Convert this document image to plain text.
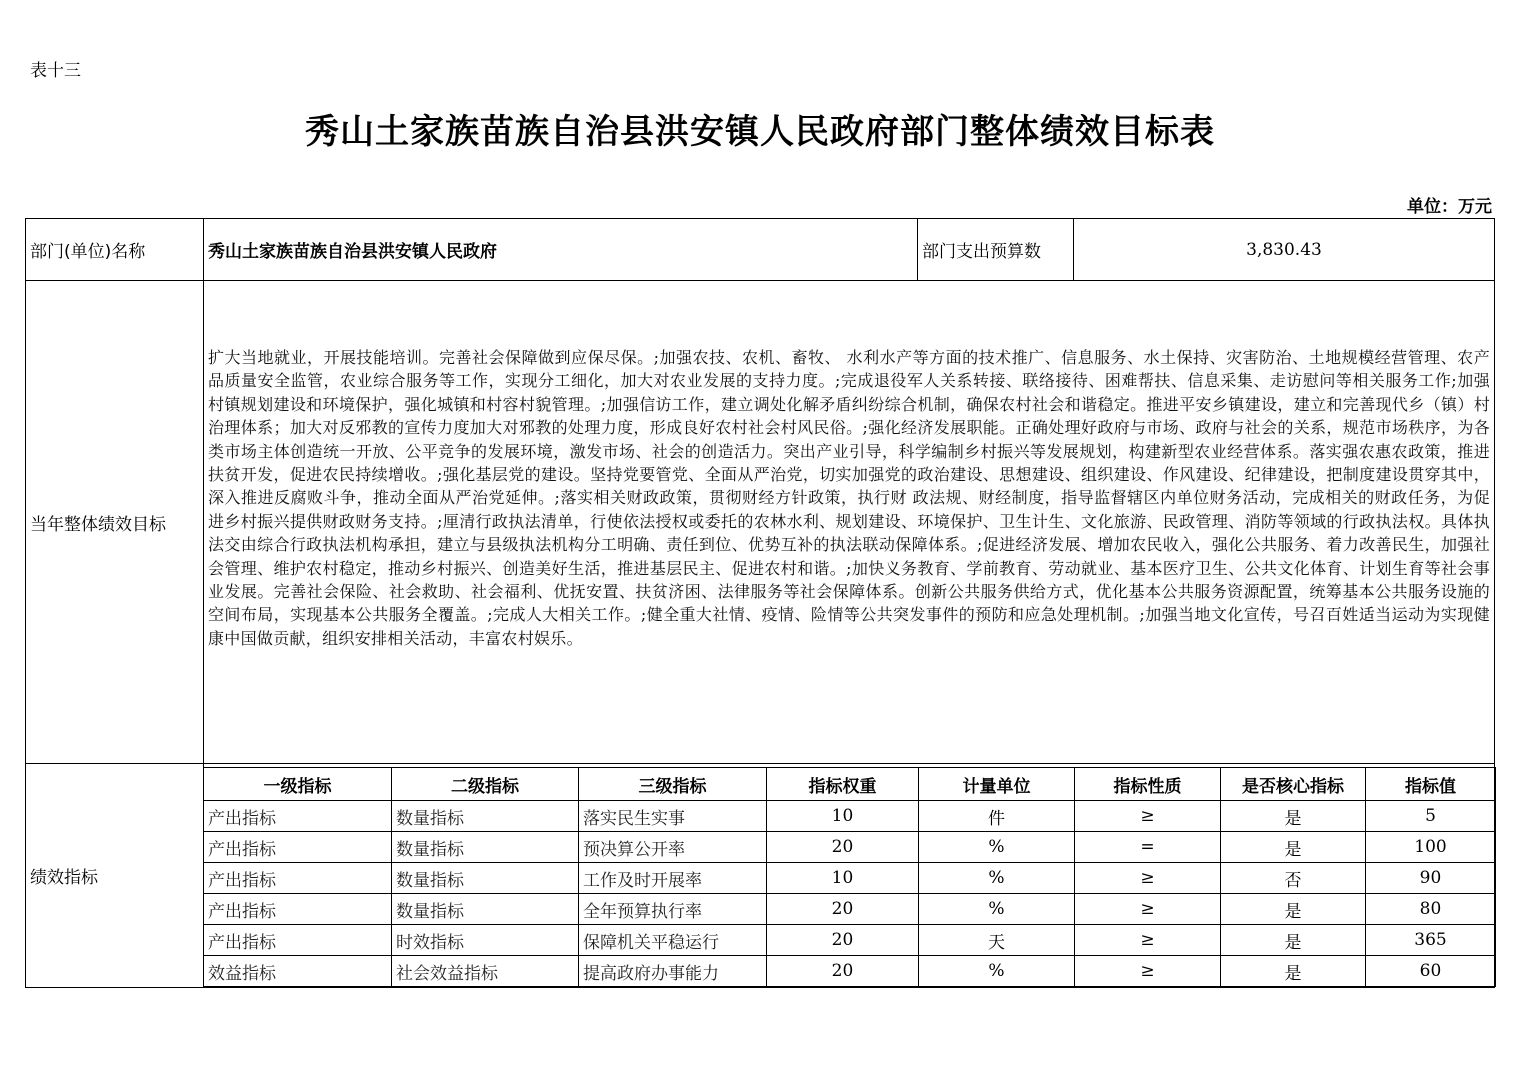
表十三
秀山土家族苗族自治县洪安镇人民政府部门整体绩效目标表
单位：万元
部门(单位)名称	秀山土家族苗族自治县洪安镇人民政府	部门支出预算数	3,830.43
当年整体绩效目标
扩大当地就业，开展技能培训。完善社会保障做到应保尽保。;加强农技、农机、畜牧、 水利水产等方面的技术推广、信息服务、水土保持、灾害防治、土地规模经营管理、农产品质量安全监管，农业综合服务等工作，实现分工细化，加大对农业发展的支持力度。;完成退役军人关系转接、联络接待、困难帮扶、信息采集、走访慰问等相关服务工作;加强村镇规划建设和环境保护，强化城镇和村容村貌管理。;加强信访工作，建立调处化解矛盾纠纷综合机制，确保农村社会和谐稳定。推进平安乡镇建设，建立和完善现代乡（镇）村治理体系；加大对反邪教的宣传力度加大对邪教的处理力度，形成良好农村社会村风民俗。;强化经济发展职能。正确处理好政府与市场、政府与社会的关系，规范市场秩序，为各类市场主体创造统一开放、公平竞争的发展环境，激发市场、社会的创造活力。突出产业引导，科学编制乡村振兴等发展规划，构建新型农业经营体系。落实强农惠农政策，推进扶贫开发，促进农民持续增收。;强化基层党的建设。坚持党要管党、全面从严治党，切实加强党的政治建设、思想建设、组织建设、作风建设、纪律建设，把制度建设贯穿其中，深入推进反腐败斗争，推动全面从严治党延伸。;落实相关财政政策，贯彻财经方针政策，执行财 政法规、财经制度，指导监督辖区内单位财务活动，完成相关的财政任务，为促进乡村振兴提供财政财务支持。;厘清行政执法清单，行使依法授权或委托的农林水利、规划建设、环境保护、卫生计生、文化旅游、民政管理、消防等领域的行政执法权。具体执法交由综合行政执法机构承担，建立与县级执法机构分工明确、责任到位、优势互补的执法联动保障体系。;促进经济发展、增加农民收入，强化公共服务、着力改善民生，加强社会管理、维护农村稳定，推动乡村振兴、创造美好生活，推进基层民主、促进农村和谐。;加快义务教育、学前教育、劳动就业、基本医疗卫生、公共文化体育、计划生育等社会事业发展。完善社会保险、社会救助、社会福利、优抚安置、扶贫济困、法律服务等社会保障体系。创新公共服务供给方式，优化基本公共服务资源配置，统筹基本公共服务设施的空间布局，实现基本公共服务全覆盖。;完成人大相关工作。;健全重大社情、疫情、险情等公共突发事件的预防和应急处理机制。;加强当地文化宣传，号召百姓适当运动为实现健康中国做贡献，组织安排相关活动，丰富农村娱乐。
绩效指标
一级指标	二级指标	三级指标	指标权重	计量单位	指标性质	是否核心指标	指标值
产出指标	数量指标	落实民生实事	10	件	≥	是	5
产出指标	数量指标	预决算公开率	20	%	=	是	100
产出指标	数量指标	工作及时开展率	10	%	≥	否	90
产出指标	数量指标	全年预算执行率	20	%	≥	是	80
产出指标	时效指标	保障机关平稳运行	20	天	≥	是	365
效益指标	社会效益指标	提高政府办事能力	20	%	≥	是	60
